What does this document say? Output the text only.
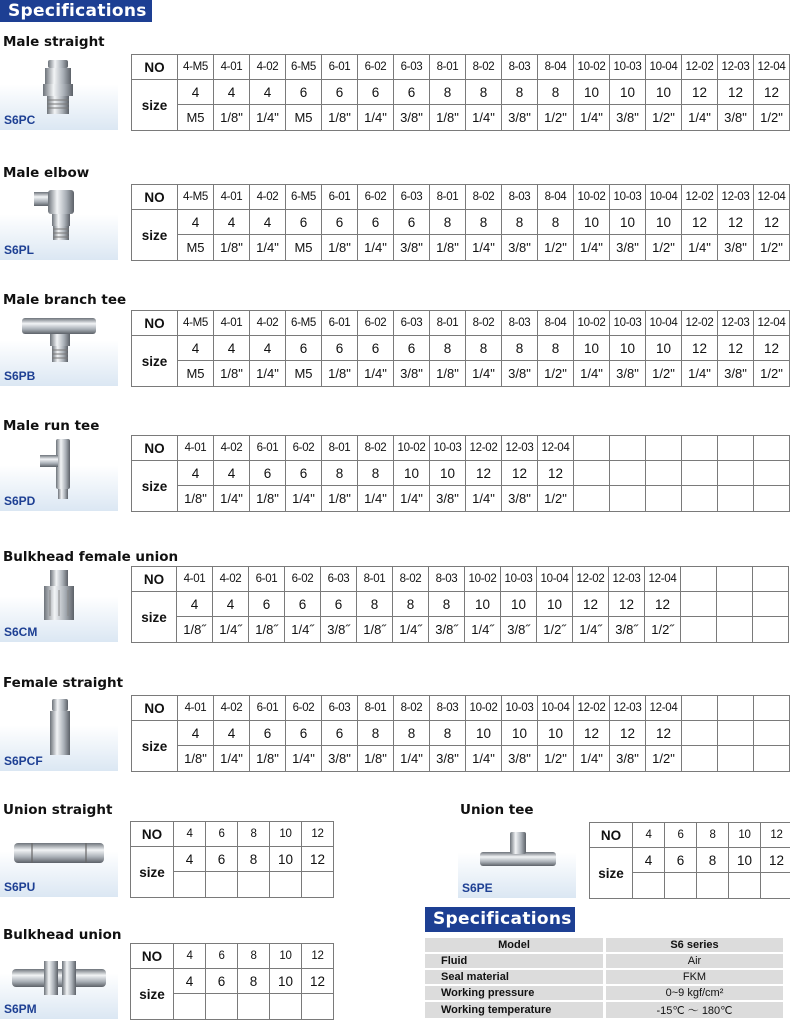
Specifications
Male straight
S6PC
NO	4-M5	4-01	4-02	6-M5	6-01	6-02	6-03	8-01	8-02	8-03	8-04	10-02	10-03	10-04	12-02	12-03	12-04
size	4	4	4	6	6	6	6	8	8	8	8	10	10	10	12	12	12
	M5	1/8"	1/4"	M5	1/8"	1/4"	3/8"	1/8"	1/4"	3/8"	1/2"	1/4"	3/8"	1/2"	1/4"	3/8"	1/2"
Male elbow
S6PL
NO	4-M5	4-01	4-02	6-M5	6-01	6-02	6-03	8-01	8-02	8-03	8-04	10-02	10-03	10-04	12-02	12-03	12-04
size	4	4	4	6	6	6	6	8	8	8	8	10	10	10	12	12	12
	M5	1/8"	1/4"	M5	1/8"	1/4"	3/8"	1/8"	1/4"	3/8"	1/2"	1/4"	3/8"	1/2"	1/4"	3/8"	1/2"
Male branch tee
S6PB
NO	4-M5	4-01	4-02	6-M5	6-01	6-02	6-03	8-01	8-02	8-03	8-04	10-02	10-03	10-04	12-02	12-03	12-04
size	4	4	4	6	6	6	6	8	8	8	8	10	10	10	12	12	12
	M5	1/8"	1/4"	M5	1/8"	1/4"	3/8"	1/8"	1/4"	3/8"	1/2"	1/4"	3/8"	1/2"	1/4"	3/8"	1/2"
Male run tee
S6PD
NO	4-01	4-02	6-01	6-02	8-01	8-02	10-02	10-03	12-02	12-03	12-04						
size	4	4	6	6	8	8	10	10	12	12	12						
	1/8"	1/4"	1/8"	1/4"	1/8"	1/4"	1/4"	3/8"	1/4"	3/8"	1/2"						
Bulkhead female union
S6CM
NO	4-01	4-02	6-01	6-02	6-03	8-01	8-02	8-03	10-02	10-03	10-04	12-02	12-03	12-04			
size	4	4	6	6	6	8	8	8	10	10	10	12	12	12			
	1/8˝	1/4˝	1/8˝	1/4˝	3/8˝	1/8˝	1/4˝	3/8˝	1/4˝	3/8˝	1/2˝	1/4˝	3/8˝	1/2˝			
Female straight
S6PCF
NO	4-01	4-02	6-01	6-02	6-03	8-01	8-02	8-03	10-02	10-03	10-04	12-02	12-03	12-04			
size	4	4	6	6	6	8	8	8	10	10	10	12	12	12			
	1/8"	1/4"	1/8"	1/4"	3/8"	1/8"	1/4"	3/8"	1/4"	3/8"	1/2"	1/4"	3/8"	1/2"			
Union straight
S6PU
NO	4	6	8	10	12
size	4	6	8	10	12

Union tee
S6PE
NO	4	6	8	10	12
size	4	6	8	10	12

Bulkhead union
S6PM
NO	4	6	8	10	12
size	4	6	8	10	12

Specifications
Model	S6 series
Fluid	Air
Seal material	FKM
Working pressure	0~9 kgf/cm²
Working temperature	-15℃ ～ 180℃
